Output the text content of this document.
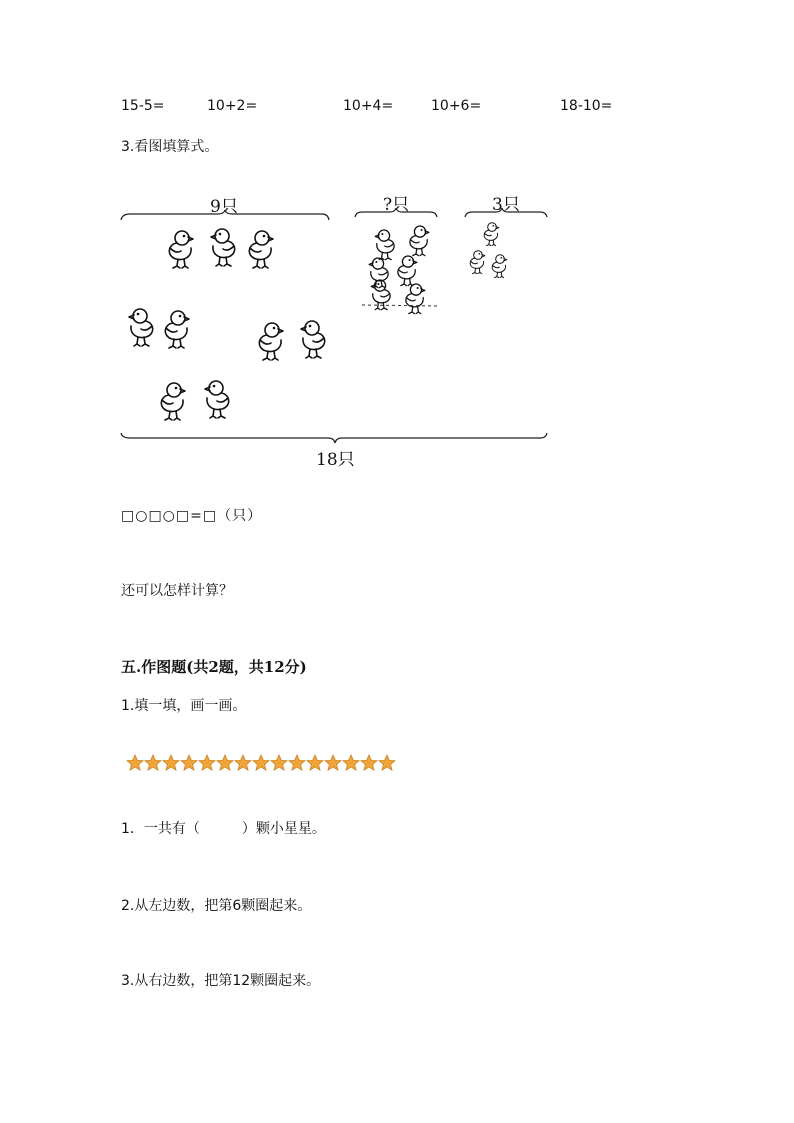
15-5=	10+2=	10+4=	10+6=	18-10=
3.看图填算式。
9只	?只	3只
18只
□○□○□=□（只）
还可以怎样计算？
五.作图题(共2题，共12分)
1.填一填，画一画。
1．一共有（　　　）颗小星星。
2.从左边数，把第6颗圈起来。
3.从右边数，把第12颗圈起来。
